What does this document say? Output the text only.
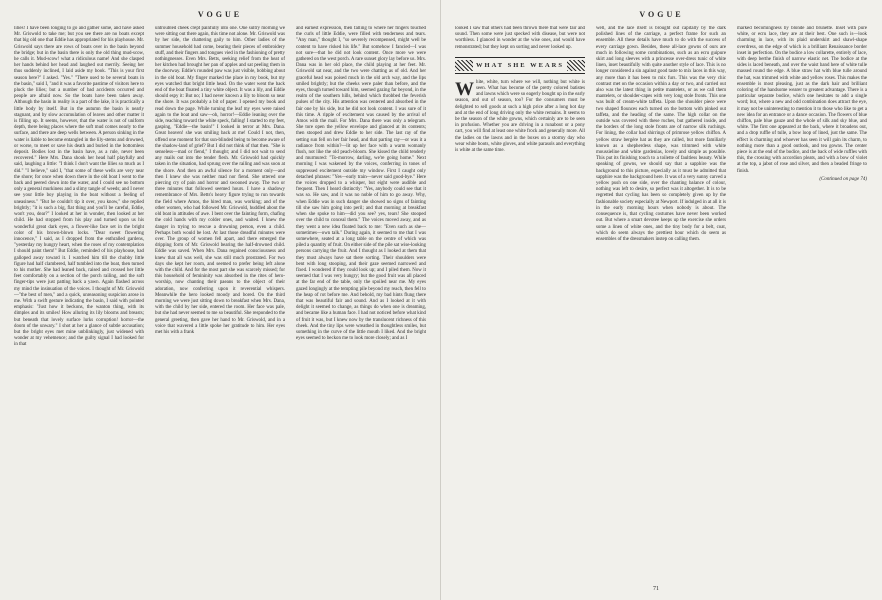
VOGUE
lilies! I have been longing to go and gather some, and have asked Mr. Griswold to take me; but you see there are no boats except that big old one that Eddie has appropriated for his playhouse. Mr. Griswold says there are rows of boats over in the basin beyond the bridge; but in the basin there is only the old thing mud-scow, he calls it. Mud-scow! what a ridiculous name! And she clasped her hands behind her head and laughed out merrily. Seeing her thus suddenly inclined, I laid aside my book. "This is your first season here?" I asked. "Yes." "There used to be several boats in the basin," said I, "and it was a favorite pastime of visitors here to pluck the lilies; but a number of bad accidents occurred and people are afraid now. So the boats have been taken away. Although the basin in reality is a part of the lake, it is practically a little body by itself. But in the autumn the basin is nearly stagnant, and by slow accumulation of leaves and other matter it is filling up. It seems, however, that the water is not of uniform depth, there being places where the soft mud comes nearly to the surface, and there are deep wells between. A person sinking in the water is liable to become entangled in the lily-stems and drowned, or worse, to meet or save his death and buried in the bottomless deposit. Bodies lost in the basin have, as a rule, never been recovered." Here Mrs. Dana shook her head half playfully and said, laughing a little: "I think I don't want the lilies so much as I did." "I believe," said I, "that some of these wells are very near the shore; for once when down there in the old boat I went to the back and peered down into the water, and I could see no bottom only a general murkiness and a slimy tangle of weeds; and I never see your little boy playing in the boat without a feeling of uneasiness." "But he couldn't tip it over, you know," she replied brightly; "it is such a big, flat thing and you'll be careful, Eddie, won't you, dear?" I looked at her in wonder, then looked at her child. He had stopped from his play and turned upon us his wonderful great dark eyes, a flower-like face set in the bright color of his brown-blown locks. "Dear sweet flowering innocence," I said, as I dropped from the enthralled gardens, "yesterday my hungry heart, when the roses of my contemplation I should paint them!" But Eddie, reminded of his playhouse, had galloped away toward it. I watched him till the chubby little figure had half clambered, half tumbled into the boat, then turned to his mother. She had leaned back, raised and crossed her little feet comfortably on a section of the porch railing, and the soft finger-tips were just patting back a yawn. Again flashed across my mind the insinuation of the voices. I thought of Mr. Griswold—"the best of men," and a quick, unreasoning suspicion arose in me. With a swift gesture indicating the basin, I said with pointed emphasis: "Just how it beckons, the wanton thing, with its dimples and its smiles! How alluring its lily blooms and breasts; but beneath that lovely surface lurks corruption! horror—the doom of the unwary." I shot at her a glance of subtle accusation; but the bright eyes met mine unblinkingly, just widened with wonder at my vehemence; and the guilty signal I had looked for in that
untroubled cheek crept painfully into one. One sultry morning we were sitting out there again, this time not alone. Mr. Griswold was by her side, the chattering gaily to him. Other ladies of the summer household had come, bearing their pieces of embroidery stuff, and their fingers and tongues vied in the fashioning of pretty nothingnesses. Even Mrs. Betts, seeking relief from the heat of her kitchen had brought her pan of apples and sat peeling them in the doorway. Eddie's rounded paw was just visible, bobbing about in the old boat. My finger marked the place in my book, but my eyes watched that bright little head. On the water went the back end of the boat floated a tiny white object. It was a lily, and Eddie should espy it: But no; I had never known a lily to bloom so near the shore. It was probably a bit of paper. I opened my book and read down the page. While turning the leaf my eyes were raised again to the boat and saw—oh, horror!—Eddie leaning over the side, reaching toward the white speck, falling! I started to my feet, gasping, "Eddie—the basin!" I looked in terror at Mrs. Dana. Great heaven! she was smiling back at me! Could I not, then, offend one moment for that sun-blinded being to become aware of the shadow-land of grief? But I did not think of that then. "She is senseless—mad or fiend," I thought; and I did not wait to send any mails out into the tender flesh. Mr. Griswold had quickly taken in the situation, had sprung over the railing and was soon at the shore. And then an awful silence for a moment only—and then I knew she was neither mad nor fiend. She uttered one piercing cry of pain and horror and swooned away. The two or three minutes that followed seemed hours. I have a shadowy remembrance of Mrs. Betts's heavy figure trying to run towards the field where Amos, the hired man, was working; and of the other women, who had followed Mr. Griswold, huddled about the old boat in attitudes of awe. I bent over the fainting form, chafing the cold hands with my colder ones, and waited. I knew the danger in trying to rescue a drowning person, even a child. Perhaps both would be lost. At last those dreadful minutes were over. The group of women fell apart, and there emerged the dripping form of Mr. Griswold bearing the half-drowned child. Eddie was saved. When Mrs. Dana regained consciousness and knew that all was well, she was still much prostrated. For two days she kept her room, and seemed to prefer being left alone with the child. And for the most part she was scarcely missed; for this household of femininity was absorbed in the rites of hero-worship, now chanting their paeans to the object of their adoration, now conferring upon it reverential whispers. Meanwhile the hero looked moody and bored. On the third morning we were just sitting down to breakfast when Mrs. Dana, with the child by her side, entered the room. Her face was pale, but she had never seemed to me so beautiful. She responded to the general greeting, then gave her hand to Mr. Griswold, and in a voice that wavered a little spoke her gratitude to him. Her eyes met his with a frank
and earnest expression, then falling to where her fingers touched the curls of little Eddie, were filled with tenderness and tears. "Any man," thought I, "so severely recompensed, might well be content to have risked his life." But somehow I fancied—I was not sure—that he did not look content. Once more we were gathered on the west porch. A rare sunset glory lay before us. Mrs. Dana was in her old place, the child playing at her feet. Mr. Griswold sat near, and the two were chatting as of old. And her graceful head was poised much in the old arch way, and the lips smiled brightly; but the cheeks were paler than before, and the eyes, though turned toward him, seemed gazing far beyond, in the realm of the southern hills, behind which throbbed the feverish pulses of the city. His attention was centered and absorbed in the fair one by his side, but he did not look content. I was sure of it this time. A ripple of excitement was caused by the arrival of Amos with the mail. For Mrs. Dana there was only a telegram. She tore open the yellow envelope and glanced at its contents; then stooped and drew Eddie to her side. The last ray of the setting sun fell on her fair head, and that parting ray—or was it a radiance from within?—lit up her face with a warm womanly flush, not like the old peach-bloom. She kissed the child tenderly and murmured: "To-morrow, darling, we're going home." Next morning I was wakened by the voices, conferring in tones of suppressed excitement outside my window. First I caught only detached phrases: "Yes—early train—never said good-bye." Here the voices dropped to a whisper, but eight were audible and frequent. Then I heard distinctly: "Yes, anybody could see that it was so. He saw, and it was no noble of him to go away. Why, when Eddie was in such danger she showed no signs of fainting till she saw him going into peril; and that morning at breakfast when she spoke to him—did you see? yes, tears! She stooped over the child to conceal them." The voices moved away, and as they went a new idea floated back to me: "Even such as she—sometimes—own talk." During again, it seemed to me that I was somewhere, seated at a long table on the centre of which was piled a quantity of fruit. On either side of the pile sat wise-looking persons carrying the fruit. And I thought as I looked at them that they must always have sat there sorting. Their shoulders were bent with long stooping, and their gaze seemed narrowed and fixed. I wondered if they could look up; and I piled them. Now it seemed that I was very hungry; but the good fruit was all placed at the far end of the table, only the spoiled near me. My eyes gazed longingly at the tempting pile beyond my reach, then fell to the heap of rot before me. And behold, my bad hints flung there that was beautiful fair and sound. And as I looked at it with delight it seemed to change, as things do when one is dreaming, and became like a human face. I had not noticed before what kind of fruit it was, but I knew now by the translucent richness of this cheek. And the tiny lips were wreathed in thoughtless smiles, but something in the curve of the little mouth I liked. And the bright eyes seemed to beckon me to look more closely; and as I
VOGUE
looked I saw that others had been thrown there that were fair and sound. Then some were just specked with disease, but were not worthless. I glanced in wonder at the wise ones, and would have remonstrated; but they kept on sorting and never looked up.
WHAT SHE WEARS
White, white, turn where we will, nothing but white is seen. What has become of the pretty colored batistes and lawns which were so eagerly bought up in the early season, and out of season, too? For the consumers must be delighted to sell goods at such a high price after a long hot day and at the end of long driving only the white remains. It seems to be the season of the white gowns, which certainly are to be seen in profusion. Whether you are driving in a runabout or a pony cart, you will find at least one white frock and generally more. All the ladies on the lawns and in the boxes on a stormy day who wear white boots, white gloves, and white parasols and everything is white at the same time.
well, and the lace itself is brought out capitally by the dark polished lines of the carriage, a perfect frame for such an ensemble. All these details have much to do with the success of every carriage gown. Besides, these all-lace gowns of ours are much in following some combinations, such as an ecru guipure skirt and long sleeves with a princesse over-dress tunic of white linen, inset beautifully with quite another style of lace. This is no longer considered a sin against good taste to mix laces in this way, any more than it has been to mix furs. This was the very chic contrast met on the occasion within a day or two, and carried out also was the latest thing in petite mantelets, or as we call them mantelets, or shoulder-capes with very long stole fronts. This one was built of cream-white taffeta. Upon the shoulder piece were two shaped flounces each turned on the bottom with pinked out taffeta, and the heading of the same. The high collar on the outside was covered with these ruches, but gathered inside, and the borders of the long stole fronts are of narrow silk ruchings. For lining, the collar had shirrings of primrose yellow chiffon. A yellow straw bergère hat as they are called, but more familiarly known as a shepherdess shape, was trimmed with white moussieline and white gardenias, lovely and simple as possible. This put its finishing touch to a toilette of faultless beauty. While speaking of gowns, we should say that a sapphire was the background to this picture, especially as it must be admitted that sapphire was the background here. It was of a very sunny carved a yellow push on one side, over the chanting balance of colour, nothing was left to desire, so perfect was it altogether. It is to be regretted that cycling has been so completely given up by the fashionable society especially at Newport. If indulged in at all it is in the early morning hours when nobody is about. The consequence is, that cycling costumes have never been worked out. But where a smart devotee keeps up the exercise she orders some a linen of white ones, and the tiny body for a belt, coat, which do seem always the prettiest hour which do seem as ensembles of the dressmakers instep on calling them.
marked becomingness by blonde and brunette. Inset with pure white, or ecru lace, they are at their best. One such is—look charming in lace, with its plaid underskirt and shawl-shape overdress, on the edge of which is a brilliant Renaissance border inset in perfection. On the bodice a low collarette, entirely of lace, with deep berthe finish of narrow elastic net. The bodice at the sides is laced beneath, and over the waist band here of white tulle massed round the edge. A blue straw hat with blue tulle around the hat, was trimmed with white and yellow roses. This makes the ensemble is most pleasing, just as the dark hair and brilliant coloring of the handsome wearer to greatest advantage. There is a particular separate bodice, which one hesitates to add a single word; but, where a new and odd combination does attract the eye, it may not be uninteresting to mention it to those who like to get a new idea for an entrance or a dance occasion. The flowers of blue chiffon, pale blue gauze and the whole of silk and sky blue, and white. The first one appeared at the back, where it broadens out, and a drop ruffle of tulle, a bow loop of lined, just the same. The effect is charming and whoever has seen it will gain its charm, to nothing more than a good outlook, and tea gowns. The center piece is at the end of the bodice, and the back of wide ruffles with this, the crossing with accordion pleats, and with a bow of violet at the top, a jabot of rose and silver, and then a beaded fringe to finish.
(Continued on page 74)
71
